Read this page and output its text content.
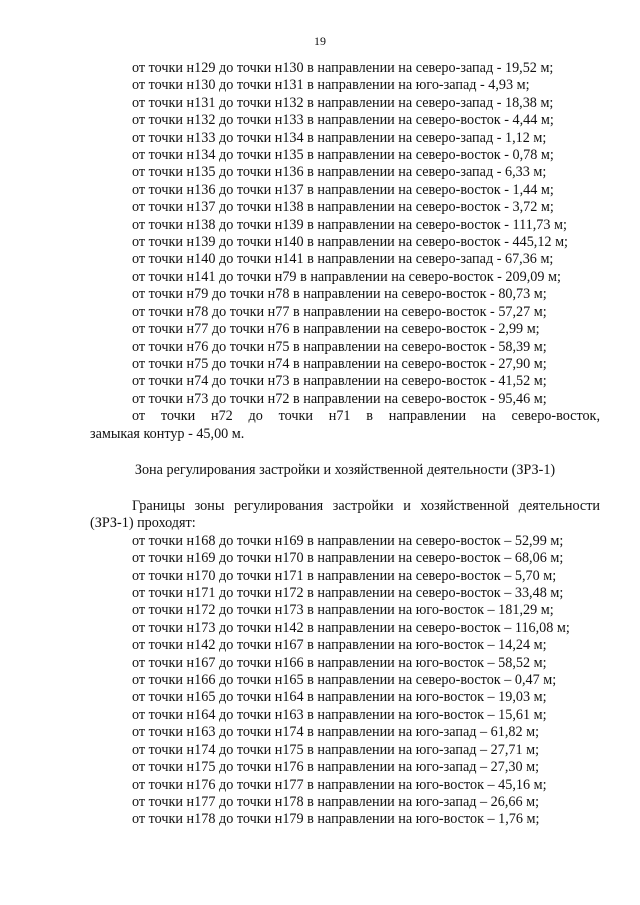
19
от точки н129 до точки н130 в направлении на северо-запад - 19,52 м;
от точки н130 до точки н131 в направлении на юго-запад - 4,93 м;
от точки н131 до точки н132 в направлении на северо-запад - 18,38 м;
от точки н132 до точки н133 в направлении на северо-восток - 4,44 м;
от точки н133 до точки н134 в направлении на северо-запад - 1,12 м;
от точки н134 до точки н135 в направлении на северо-восток - 0,78 м;
от точки н135 до точки н136 в направлении на северо-запад - 6,33 м;
от точки н136 до точки н137 в направлении на северо-восток - 1,44 м;
от точки н137 до точки н138 в направлении на северо-восток - 3,72 м;
от точки н138 до точки н139 в направлении на северо-восток - 111,73 м;
от точки н139 до точки н140 в направлении на северо-восток - 445,12 м;
от точки н140 до точки н141 в направлении на северо-запад - 67,36 м;
от точки н141 до точки н79 в направлении на северо-восток - 209,09 м;
от точки н79 до точки н78 в направлении на северо-восток - 80,73 м;
от точки н78 до точки н77 в направлении на северо-восток - 57,27 м;
от точки н77 до точки н76 в направлении на северо-восток - 2,99 м;
от точки н76 до точки н75 в направлении на северо-восток - 58,39 м;
от точки н75 до точки н74 в направлении на северо-восток - 27,90 м;
от точки н74 до точки н73 в направлении на северо-восток - 41,52 м;
от точки н73 до точки н72 в направлении на северо-восток - 95,46 м;
от точки н72 до точки н71 в направлении на северо-восток,
замыкая контур - 45,00 м.
Зона регулирования застройки и хозяйственной деятельности (ЗРЗ-1)
Границы зоны регулирования застройки и хозяйственной деятельности
(ЗРЗ-1) проходят:
от точки н168 до точки н169 в направлении на северо-восток – 52,99 м;
от точки н169 до точки н170 в направлении на северо-восток – 68,06 м;
от точки н170 до точки н171 в направлении на северо-восток – 5,70 м;
от точки н171 до точки н172 в направлении на северо-восток – 33,48 м;
от точки н172 до точки н173 в направлении на юго-восток – 181,29 м;
от точки н173 до точки н142 в направлении на северо-восток – 116,08 м;
от точки н142 до точки н167 в направлении на юго-восток – 14,24 м;
от точки н167 до точки н166 в направлении на юго-восток – 58,52 м;
от точки н166 до точки н165 в направлении на северо-восток – 0,47 м;
от точки н165 до точки н164 в направлении на юго-восток – 19,03 м;
от точки н164 до точки н163 в направлении на юго-восток – 15,61 м;
от точки н163 до точки н174 в направлении на юго-запад – 61,82 м;
от точки н174 до точки н175 в направлении на юго-запад – 27,71 м;
от точки н175 до точки н176 в направлении на юго-запад – 27,30 м;
от точки н176 до точки н177 в направлении на юго-восток – 45,16 м;
от точки н177 до точки н178 в направлении на юго-запад – 26,66 м;
от точки н178 до точки н179 в направлении на юго-восток – 1,76 м;
